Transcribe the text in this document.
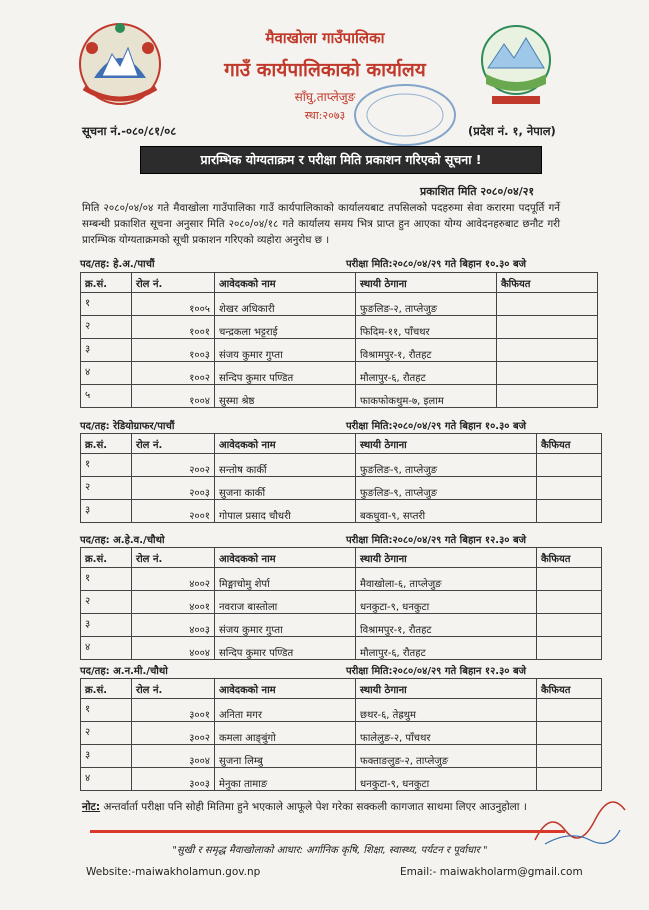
मैवाखोला गाउँपालिका
गाउँ कार्यपालिकाको कार्यालय
साँघु,ताप्लेजुङ
स्था:२०७३
सूचना नं.-०८०/८१/०८	(प्रदेश नं. १, नेपाल)
प्रारम्भिक योग्यताक्रम र परीक्षा मिति प्रकाशन गरिएको सूचना !
प्रकाशित मिति २०८०/०४/२१
मिति २०८०/०४/०४ गते मैवाखोला गाउँपालिका गाउँ कार्यपालिकाको कार्यालयबाट तपसिलको पदहरुमा सेवा करारमा पदपूर्ति गर्ने सम्बन्धी प्रकाशित सूचना अनुसार मिति २०८०/०४/१८ गते कार्यालय समय भित्र प्राप्त हुन आएका योग्य आवेदनहरुबाट छनौट गरी प्रारम्भिक योग्यताक्रमको सूची प्रकाशन गरिएको व्यहोरा अनुरोध छ ।
पद/तह: हे.अ./पाचौं	परीक्षा मिति:२०८०/०४/२९ गते बिहान १०.३० बजे
क्र.सं.	रोल नं.	आवेदकको नाम	स्थायी ठेगाना	कैफियत
१	१००५	शेखर अधिकारी	फुङलिङ-२, ताप्लेजुङ	
२	१००१	चन्द्रकला भट्टराई	फिदिम-११, पाँचथर	
३	१००३	संजय कुमार गुप्ता	विश्रामपुर-१, रौतहट	
४	१००२	सन्दिप कुमार पण्डित	मौलापुर-६, रौतहट	
५	१००४	सुस्मा श्रेष्ठ	फाकफोकथुम-७, इलाम	
पद/तह: रेडियोग्राफर/पाचौं	परीक्षा मिति:२०८०/०४/२९ गते बिहान १०.३० बजे
क्र.सं.	रोल नं.	आवेदकको नाम	स्थायी ठेगाना	कैफियत
१	२००२	सन्तोष कार्की	फुङलिङ-९, ताप्लेजुङ	
२	२००३	सुजना कार्की	फुङलिङ-९, ताप्लेजुङ	
३	२००१	गोपाल प्रसाद चौधरी	बकधुवा-९, सप्तरी	
पद/तह: अ.हे.व./चौथो	परीक्षा मिति:२०८०/०४/२९ गते बिहान १२.३० बजे
क्र.सं.	रोल नं.	आवेदकको नाम	स्थायी ठेगाना	कैफियत
१	४००२	मिङ्माचोमु शेर्पा	मैवाखोला-६, ताप्लेजुङ	
२	४००१	नवराज बास्तोला	धनकुटा-९, धनकुटा	
३	४००३	संजय कुमार गुप्ता	विश्रामपुर-१, रौतहट	
४	४००४	सन्दिप कुमार पण्डित	मौलापुर-६, रौतहट	
पद/तह: अ.न.मी./चौथो	परीक्षा मिति:२०८०/०४/२९ गते बिहान १२.३० बजे
क्र.सं.	रोल नं.	आवेदकको नाम	स्थायी ठेगाना	कैफियत
१	३००१	अनिता मगर	छथर-६, तेह्रथुम	
२	३००२	कमला आङ्बुंगो	फालेलुङ-२, पाँचथर	
३	३००४	सुजना लिम्बु	फक्ताङलुङ-२, ताप्लेजुङ	
४	३००३	मेनुका तामाङ	धनकुटा-९, धनकुटा	
नोट: अन्तर्वार्ता परीक्षा पनि सोही मितिमा हुने भएकाले आफूले पेश गरेका सक्कली कागजात साथमा लिएर आउनुहोला ।
"सुखी र समृद्ध मैवाखोलाको आधार: अर्गानिक कृषि, शिक्षा, स्वास्थ्य, पर्यटन र पूर्वाधार "
Website:-maiwakholamun.gov.np	Email:- maiwakholarm@gmail.com
